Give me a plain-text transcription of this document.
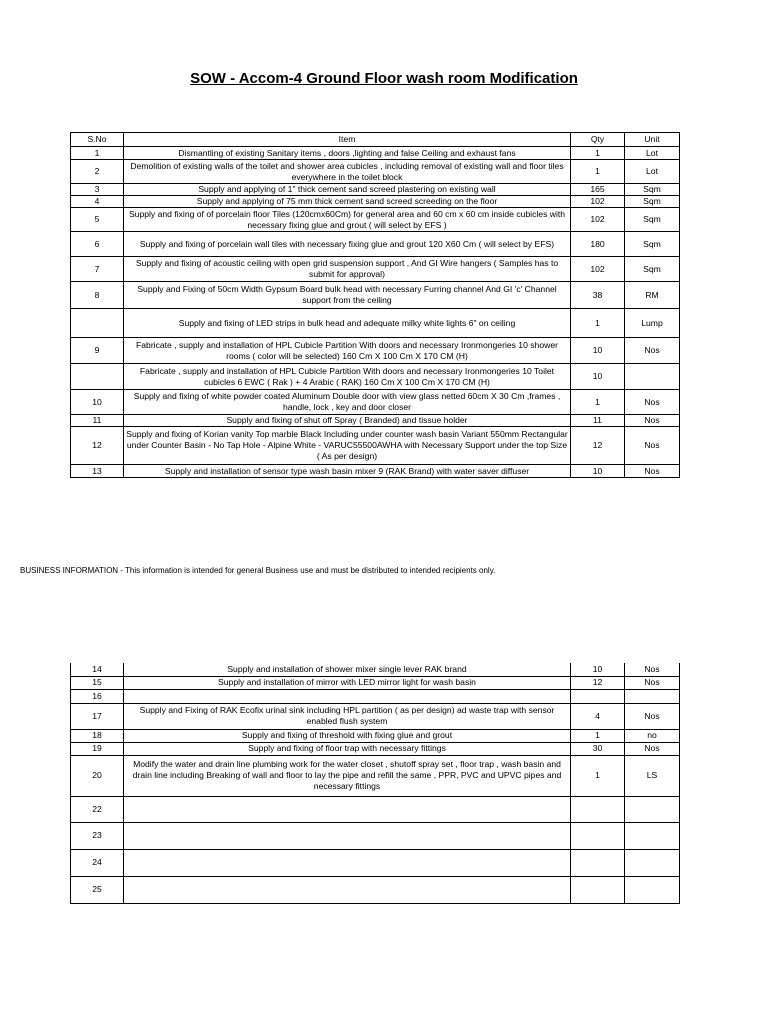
SOW - Accom-4 Ground Floor wash room Modification
S.No	Item	Qty	Unit
1	Dismantling of existing Sanitary items , doors ,lighting and false Ceiling and exhaust fans	1	Lot
2	Demolition of existing walls of the toilet and shower area cubicles , including removal of existing wall and floor tiles everywhere in the toilet block	1	Lot
3	Supply and applying of 1" thick cement sand screed plastering on existing wall	165	Sqm
4	Supply and applying of 75 mm thick cement sand screed screeding on the floor	102	Sqm
5	Supply and fixing of of porcelain floor Tiles (120cmx60Cm) for general area and 60 cm x 60 cm inside cubicles with necessary fixing glue and grout ( will select by EFS )	102	Sqm
6	Supply and fixing of porcelain wall tiles with necessary fixing glue and grout 120 X60 Cm ( will select by EFS)	180	Sqm
7	Supply and fixing of acoustic ceiling with open grid suspension support , And GI Wire hangers ( Samples has to submit for approval)	102	Sqm
8	Supply and Fixing of 50cm Width Gypsum Board bulk head with necessary Furring channel And GI 'c' Channel support from the ceiling	38	RM
	Supply and fixing of LED strips in bulk head and adequate milky white lights 6" on ceiling	1	Lump
9	Fabricate , supply and installation of HPL Cubicle Partition With doors and necessary Ironmongeries 10 shower rooms ( color will be selected) 160 Cm X 100 Cm X 170 CM (H)	10	Nos
	Fabricate , supply and installation of HPL Cubicle Partition With doors and necessary Ironmongeries 10 Toilet cubicles 6 EWC ( Rak ) + 4 Arabic ( RAK) 160 Cm X 100 Cm X 170 CM (H)	10	
10	Supply and fixing of white powder coated Aluminum Double door with view glass netted 60cm X 30 Cm ,frames , handle, lock , key and door closer	1	Nos
11	Supply and fixing of shut off Spray ( Branded) and tissue holder	11	Nos
12	Supply and fixing of Korian vanity Top marble Black Including under counter wash basin Variant 550mm Rectangular under Counter Basin - No Tap Hole - Alpine White - VARUC55500AWHA with Necessary Support under the top Size ( As per design)	12	Nos
13	Supply and installation of sensor type wash basin mixer 9 (RAK Brand) with water saver diffuser	10	Nos
BUSINESS INFORMATION - This information is intended for general Business use and must be distributed to intended recipients only.
14	Supply and installation of shower mixer single lever RAK brand	10	Nos
15	Supply and installation of mirror with LED mirror light for wash basin	12	Nos
16			
17	Supply and Fixing of RAK Ecofix urinal sink including HPL partition ( as per design) ad waste trap with sensor enabled flush system	4	Nos
18	Supply and fixing of threshold with fixing glue and grout	1	no
19	Supply and fixing of floor trap with necessary fittings	30	Nos
20	Modify the water and drain line plumbing work for the water closet , shutoff spray set , floor trap , wash basin and drain line including Breaking of wall and floor to lay the pipe and refill the same , PPR, PVC and UPVC pipes and necessary fittings	1	LS
22			
23			
24			
25			
